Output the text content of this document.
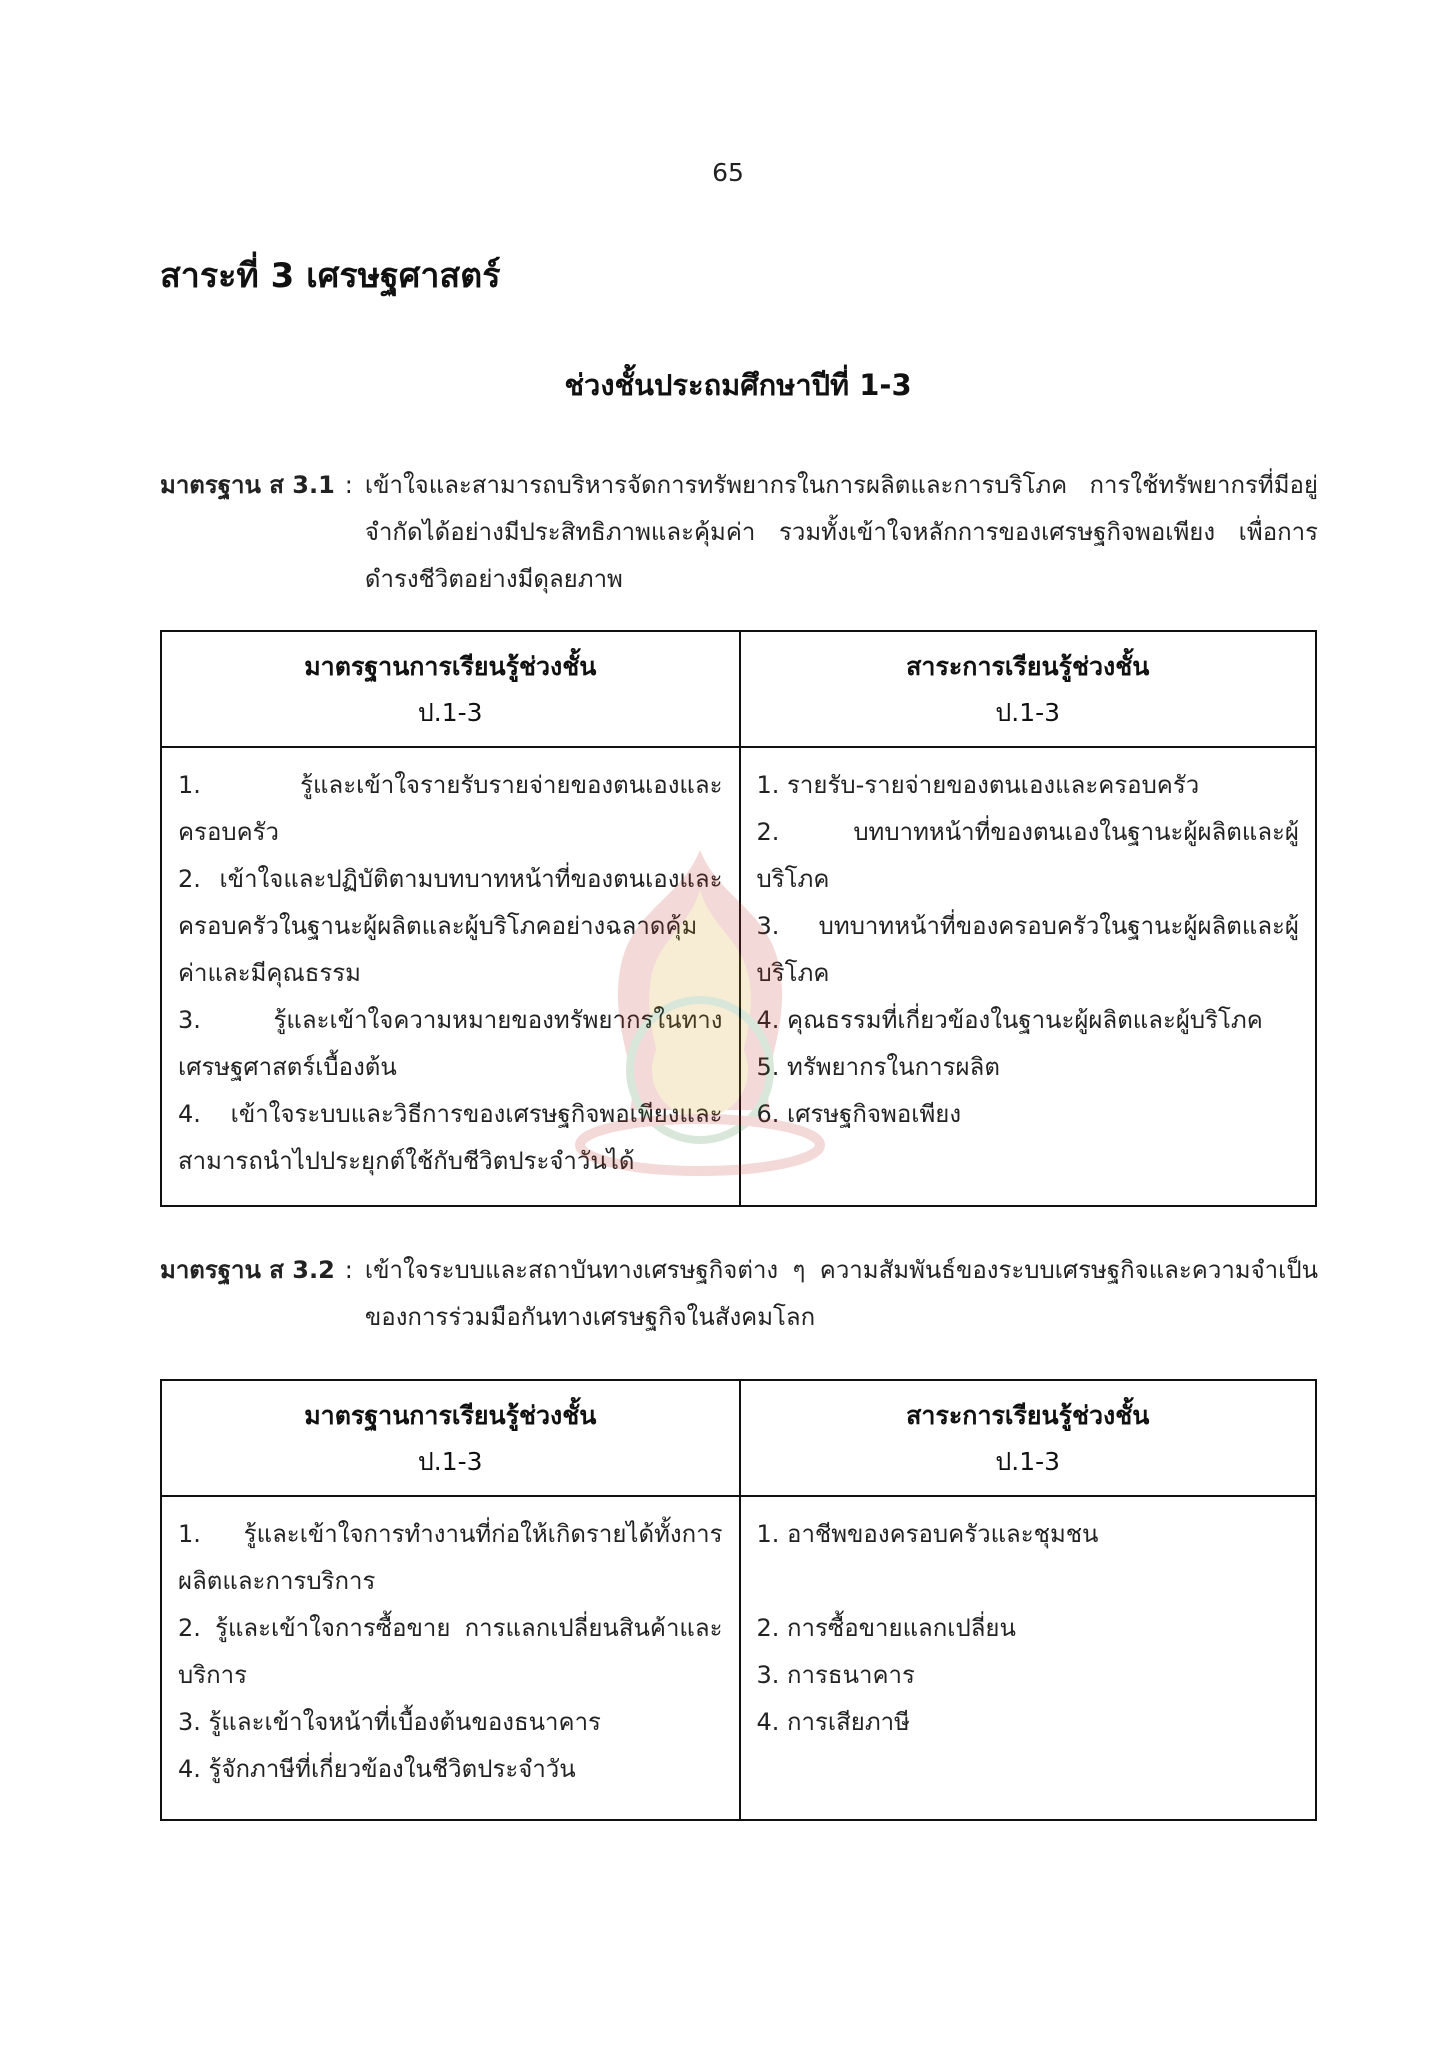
65
สาระที่ 3 เศรษฐศาสตร์
ช่วงชั้นประถมศึกษาปีที่ 1-3
มาตรฐาน ส 3.1 : เข้าใจและสามารถบริหารจัดการทรัพยากรในการผลิตและการบริโภค การใช้ทรัพยากรที่มีอยู่จำกัดได้อย่างมีประสิทธิภาพและคุ้มค่า รวมทั้งเข้าใจหลักการของเศรษฐกิจพอเพียง เพื่อการดำรงชีวิตอย่างมีดุลยภาพ
มาตรฐานการเรียนรู้ช่วงชั้น
ป.1-3
สาระการเรียนรู้ช่วงชั้น
ป.1-3
1. รู้และเข้าใจรายรับรายจ่ายของตนเองและครอบครัว
2. เข้าใจและปฏิบัติตามบทบาทหน้าที่ของตนเองและครอบครัวในฐานะผู้ผลิตและผู้บริโภคอย่างฉลาดคุ้มค่าและมีคุณธรรม
3. รู้และเข้าใจความหมายของทรัพยากรในทางเศรษฐศาสตร์เบื้องต้น
4. เข้าใจระบบและวิธีการของเศรษฐกิจพอเพียงและสามารถนำไปประยุกต์ใช้กับชีวิตประจำวันได้
1. รายรับ-รายจ่ายของตนเองและครอบครัว
2. บทบาทหน้าที่ของตนเองในฐานะผู้ผลิตและผู้บริโภค
3. บทบาทหน้าที่ของครอบครัวในฐานะผู้ผลิตและผู้บริโภค
4. คุณธรรมที่เกี่ยวข้องในฐานะผู้ผลิตและผู้บริโภค
5. ทรัพยากรในการผลิต
6. เศรษฐกิจพอเพียง
มาตรฐาน ส 3.2 : เข้าใจระบบและสถาบันทางเศรษฐกิจต่าง ๆ ความสัมพันธ์ของระบบเศรษฐกิจและความจำเป็นของการร่วมมือกันทางเศรษฐกิจในสังคมโลก
มาตรฐานการเรียนรู้ช่วงชั้น
ป.1-3
สาระการเรียนรู้ช่วงชั้น
ป.1-3
1. รู้และเข้าใจการทำงานที่ก่อให้เกิดรายได้ทั้งการผลิตและการบริการ
2. รู้และเข้าใจการซื้อขาย การแลกเปลี่ยนสินค้าและบริการ
3. รู้และเข้าใจหน้าที่เบื้องต้นของธนาคาร
4. รู้จักภาษีที่เกี่ยวข้องในชีวิตประจำวัน
1. อาชีพของครอบครัวและชุมชน
2. การซื้อขายแลกเปลี่ยน
3. การธนาคาร
4. การเสียภาษี
